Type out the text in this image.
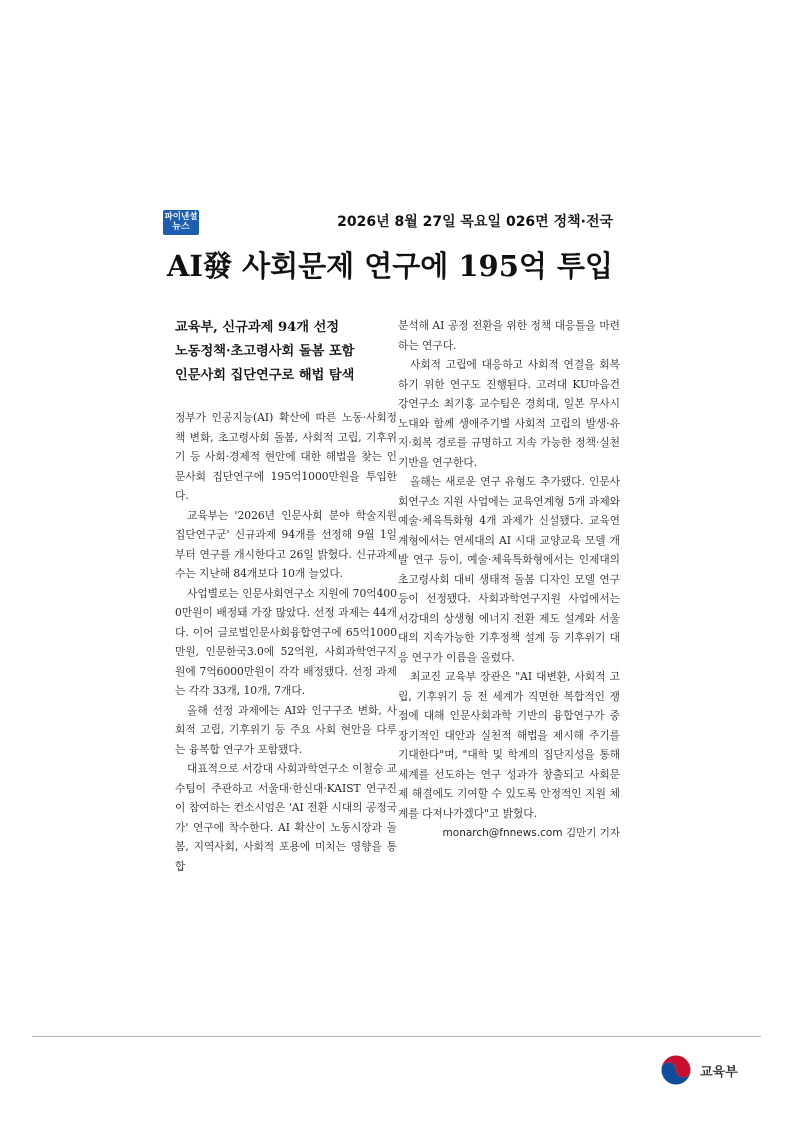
파이낸셜
뉴스	2026년 8월 27일 목요일 026면 정책·전국
AI發 사회문제 연구에 195억 투입
교육부, 신규과제 94개 선정
노동정책·초고령사회 돌봄 포함
인문사회 집단연구로 해법 탐색

정부가 인공지능(AI) 확산에 따른 노동·사회정책 변화, 초고령사회 돌봄, 사회적 고립, 기후위기 등 사회·경제적 현안에 대한 해법을 찾는 인문사회 집단연구에 195억1000만원을 투입한다.

교육부는 '2026년 인문사회 분야 학술지원 집단연구군' 신규과제 94개를 선정해 9월 1일부터 연구를 개시한다고 26일 밝혔다. 신규과제 수는 지난해 84개보다 10개 늘었다.

사업별로는 인문사회연구소 지원에 70억4000만원이 배정돼 가장 많았다. 선정 과제는 44개다. 이어 글로벌인문사회융합연구에 65억1000만원, 인문한국3.0에 52억원, 사회과학연구지원에 7억6000만원이 각각 배정됐다. 선정 과제는 각각 33개, 10개, 7개다.

올해 선정 과제에는 AI와 인구구조 변화, 사회적 고립, 기후위기 등 주요 사회 현안을 다루는 융복합 연구가 포함됐다.

대표적으로 서강대 사회과학연구소 이철승 교수팀이 주관하고 서울대·한신대·KAIST 연구진이 참여하는 컨소시엄은 'AI 전환 시대의 공정국가' 연구에 착수한다. AI 확산이 노동시장과 돌봄, 지역사회, 사회적 포용에 미치는 영향을 통합

분석해 AI 공정 전환을 위한 정책 대응틀을 마련하는 연구다.

사회적 고립에 대응하고 사회적 연결을 회복하기 위한 연구도 진행된다. 고려대 KU마음건강연구소 최기홍 교수팀은 경희대, 일본 무사시노대와 함께 생애주기별 사회적 고립의 발생·유지·회복 경로를 규명하고 지속 가능한 정책·실천 기반을 연구한다.

올해는 새로운 연구 유형도 추가됐다. 인문사회연구소 지원 사업에는 교육연계형 5개 과제와 예술·체육특화형 4개 과제가 신설됐다. 교육연계형에서는 연세대의 AI 시대 교양교육 모델 개발 연구 등이, 예술·체육특화형에서는 인제대의 초고령사회 대비 생태적 돌봄 디자인 모델 연구 등이 선정됐다. 사회과학연구지원 사업에서는 서강대의 상생형 에너지 전환 제도 설계와 서울대의 지속가능한 기후정책 설계 등 기후위기 대응 연구가 이름을 올렸다.

최교진 교육부 장관은 "AI 대변환, 사회적 고립, 기후위기 등 전 세계가 직면한 복합적인 쟁점에 대해 인문사회과학 기반의 융합연구가 중장기적인 대안과 실천적 해법을 제시해 주기를 기대한다"며, "대학 및 학계의 집단지성을 통해 세계를 선도하는 연구 성과가 창출되고 사회문제 해결에도 기여할 수 있도록 안정적인 지원 체계를 다져나가겠다"고 밝혔다.

monarch@fnnews.com 김만기 기자

교육부
